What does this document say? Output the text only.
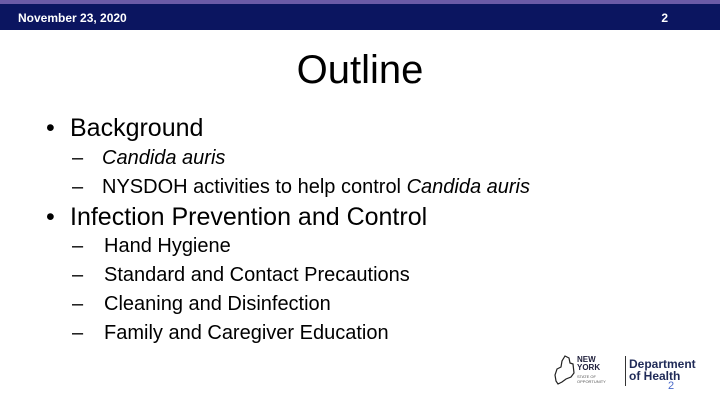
November 23, 2020	2
Outline
• Background
– Candida auris
– NYSDOH activities to help control Candida auris
• Infection Prevention and Control
– Hand Hygiene
– Standard and Contact Precautions
– Cleaning and Disinfection
– Family and Caregiver Education
NEW
YORK
STATE OF
OPPORTUNITY
Department
of Health
2
